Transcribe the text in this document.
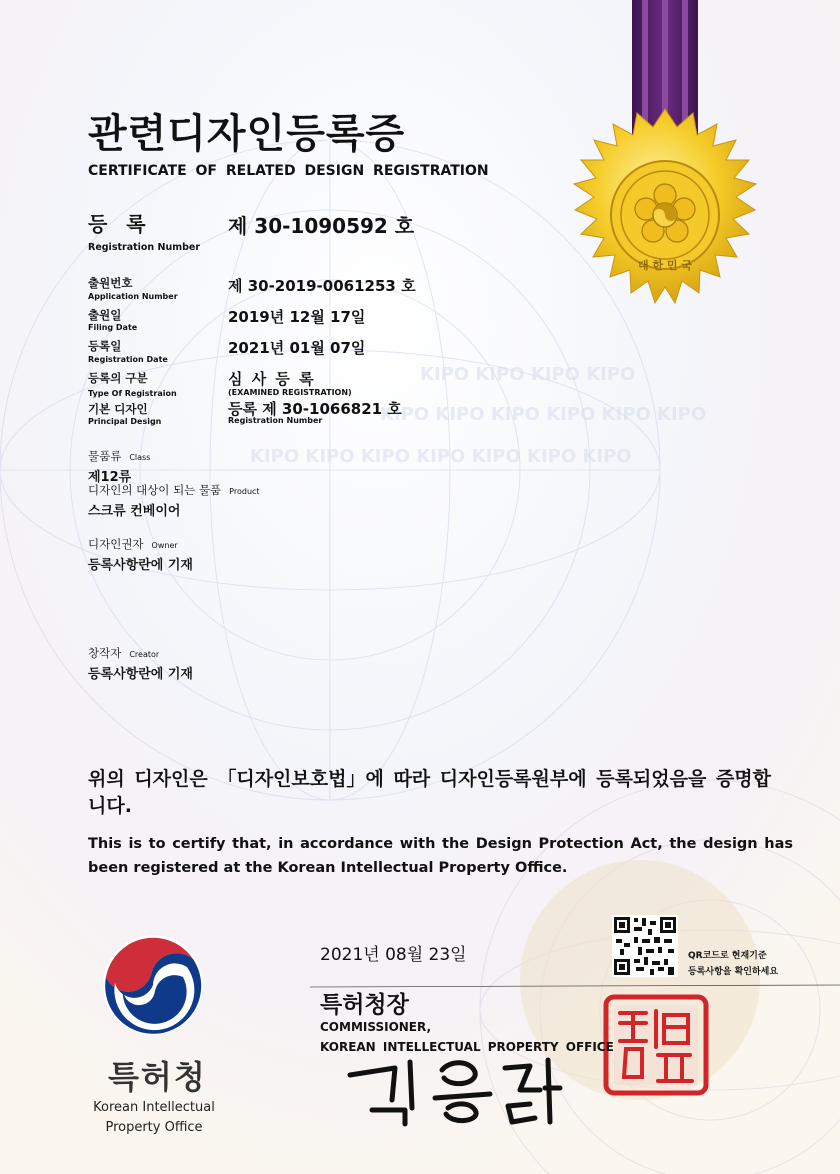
KIPO KIPO KIPO KIPO
KIPO KIPO KIPO KIPO KIPO KIPO
KIPO KIPO KIPO KIPO KIPO KIPO KIPO
대 한 민 국
관련디자인등록증
CERTIFICATE OF RELATED DESIGN REGISTRATION
등 록
Registration Number
제 30-1090592 호
출원번호
Application Number
제 30-2019-0061253 호
출원일
Filing Date
2019년 12월 17일
등록일
Registration Date
2021년 01월 07일
등록의 구분
Type Of Registraion
심 사 등 록
(EXAMINED REGISTRATION)
기본 디자인
Principal Design
등록 제 30-1066821 호
Registration Number
물품류 Class
제12류
디자인의 대상이 되는 물품 Product
스크류 컨베이어
디자인권자 Owner
등록사항란에 기재
창작자 Creator
등록사항란에 기재
위의 디자인은 「디자인보호법」에 따라 디자인등록원부에 등록되었음을 증명합니다.
This is to certify that, in accordance with the Design Protection Act, the design has been registered at the Korean Intellectual Property Office.
2021년 08월 23일	QR코드로 현재기준
등록사항을 확인하세요
특허청장
COMMISSIONER,
KOREAN INTELLECTUAL PROPERTY OFFICE
특허청
Korean Intellectual Property Office
